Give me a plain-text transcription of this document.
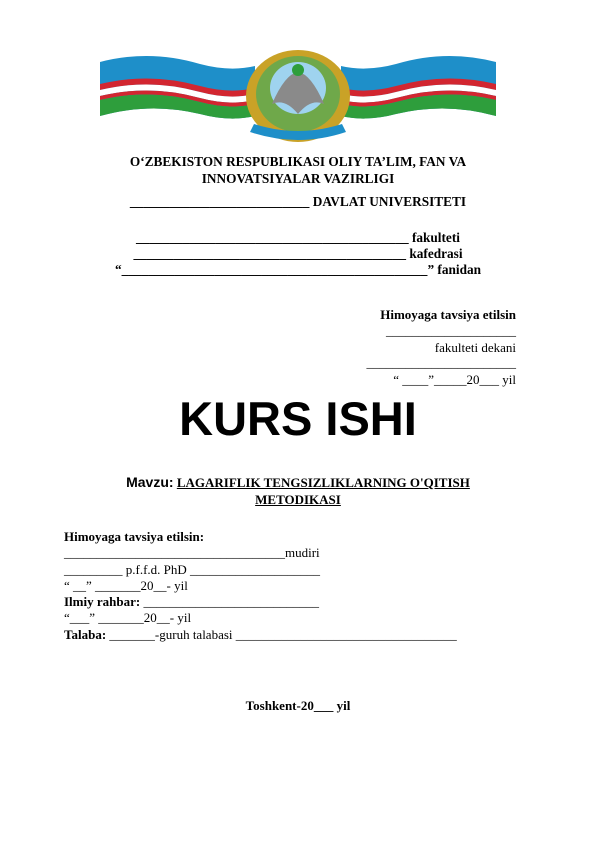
O‘ZBEKISTON RESPUBLIKASI OLIY TA’LIM, FAN VA
INNOVATSIYALAR VAZIRLIGI
___________________________ DAVLAT UNIVERSITETI
_________________________________________ fakulteti
_________________________________________ kafedrasi
“______________________________________________” fanidan
Himoyaga tavsiya etilsin
____________________
fakulteti dekani
_______________________
“ ____”_____20___ yil
KURS ISHI
Mavzu: LAGARIFLIK TENGSIZLIKLARNING O'QITISH
METODIKASI
Himoyaga tavsiya etilsin:
__________________________________mudiri
_________ p.f.f.d. PhD ____________________
“ __” _______20__- yil
Ilmiy rahbar: ___________________________
“___” _______20__- yil
Talaba: _______-guruh talabasi __________________________________
Toshkent-20___ yil
